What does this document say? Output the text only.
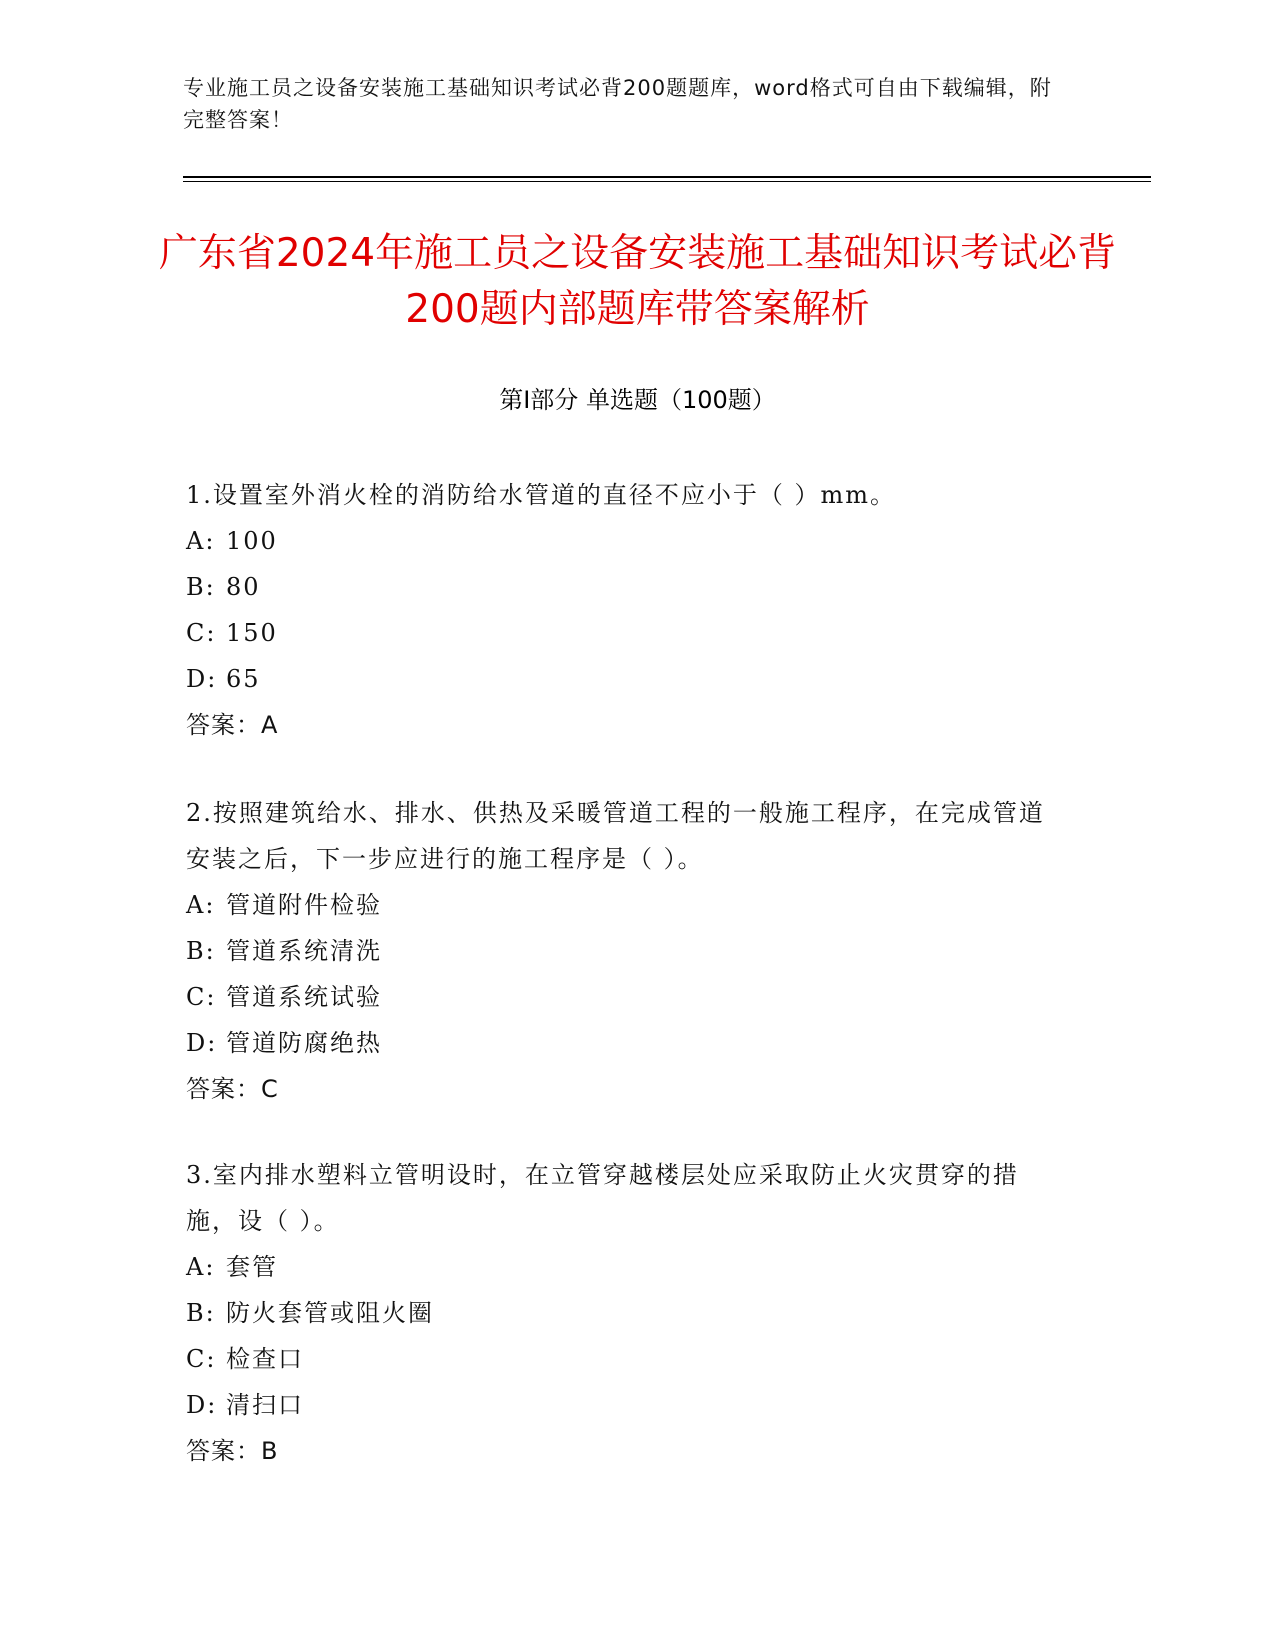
专业施工员之设备安装施工基础知识考试必背200题题库，word格式可自由下载编辑，附完整答案！
广东省2024年施工员之设备安装施工基础知识考试必背200题内部题库带答案解析
第I部分 单选题（100题）

1.设置室外消火栓的消防给水管道的直径不应小于（ ）mm。

A: 100

B: 80

C: 150

D: 65

答案：A

2.按照建筑给水、排水、供热及采暖管道工程的一般施工程序，在完成管道安装之后，下一步应进行的施工程序是（ ）。

A: 管道附件检验

B: 管道系统清洗

C: 管道系统试验

D: 管道防腐绝热

答案：C

3.室内排水塑料立管明设时，在立管穿越楼层处应采取防止火灾贯穿的措施，设（ ）。

A: 套管

B: 防火套管或阻火圈

C: 检查口

D: 清扫口

答案：B
